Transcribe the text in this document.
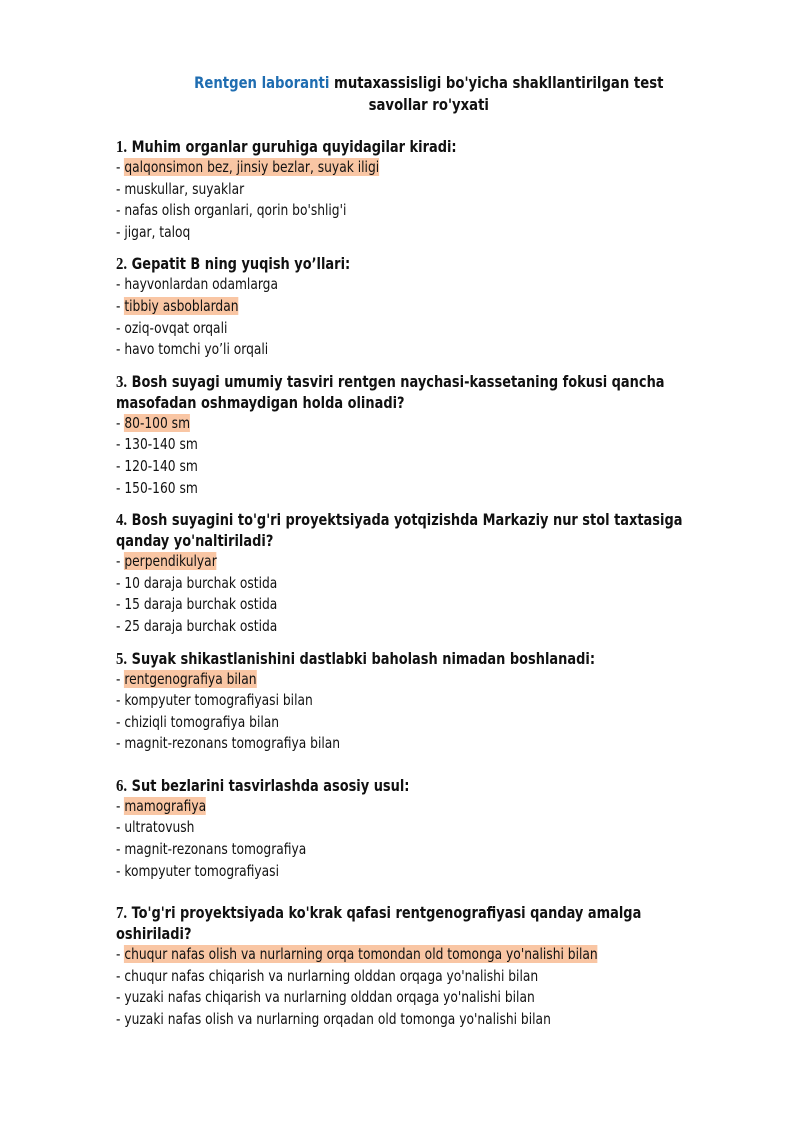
Rentgen laboranti mutaxassisligi bo'yicha shakllantirilgan test
savollar ro'yxati
1. Muhim organlar guruhiga quyidagilar kiradi:
- qalqonsimon bez, jinsiy bezlar, suyak iligi
- muskullar, suyaklar
- nafas olish organlari, qorin bo'shlig'i
- jigar, taloq
2. Gepatit B ning yuqish yo’llari:
- hayvonlardan odamlarga
- tibbiy asboblardan
- oziq-ovqat orqali
- havo tomchi yo’li orqali
3. Bosh suyagi umumiy tasviri rentgen naychasi-kassetaning fokusi qancha
masofadan oshmaydigan holda olinadi?
- 80-100 sm
- 130-140 sm
- 120-140 sm
- 150-160 sm
4. Bosh suyagini to'g'ri proyektsiyada yotqizishda Markaziy nur stol taxtasiga
qanday yo'naltiriladi?
- perpendikulyar
- 10 daraja burchak ostida
- 15 daraja burchak ostida
- 25 daraja burchak ostida
5. Suyak shikastlanishini dastlabki baholash nimadan boshlanadi:
- rentgenografiya bilan
- kompyuter tomografiyasi bilan
- chiziqli tomografiya bilan
- magnit-rezonans tomografiya bilan
6. Sut bezlarini tasvirlashda asosiy usul:
- mamografiya
- ultratovush
- magnit-rezonans tomografiya
- kompyuter tomografiyasi
7. To'g'ri proyektsiyada ko'krak qafasi rentgenografiyasi qanday amalga
oshiriladi?
- chuqur nafas olish va nurlarning orqa tomondan old tomonga yo'nalishi bilan
- chuqur nafas chiqarish va nurlarning olddan orqaga yo'nalishi bilan
- yuzaki nafas chiqarish va nurlarning olddan orqaga yo'nalishi bilan
- yuzaki nafas olish va nurlarning orqadan old tomonga yo'nalishi bilan
